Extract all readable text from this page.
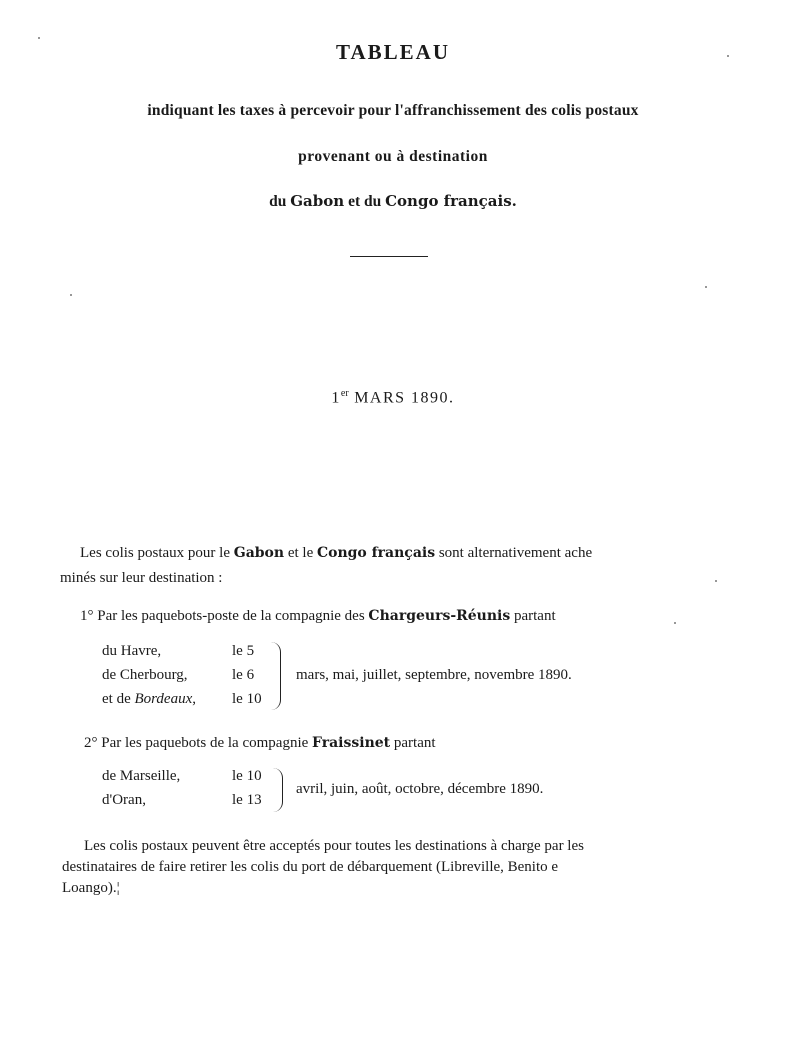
TABLEAU
indiquant les taxes à percevoir pour l'affranchissement des colis postaux
provenant ou à destination
du Gabon et du Congo français.
1er MARS 1890.
Les colis postaux pour le Gabon et le Congo français sont alternativement ache
minés sur leur destination :
1° Par les paquebots-poste de la compagnie des Chargeurs-Réunis partant
du Havre,	le 5
de Cherbourg,	le 6
et de Bordeaux, le 10
mars, mai, juillet, septembre, novembre 1890.
2° Par les paquebots de la compagnie Fraissinet partant
de Marseille,	le 10
d'Oran,	le 13
avril, juin, août, octobre, décembre 1890.
Les colis postaux peuvent être acceptés pour toutes les destinations à charge par les
destinataires de faire retirer les colis du port de débarquement (Libreville, Benito e
Loango).¦
